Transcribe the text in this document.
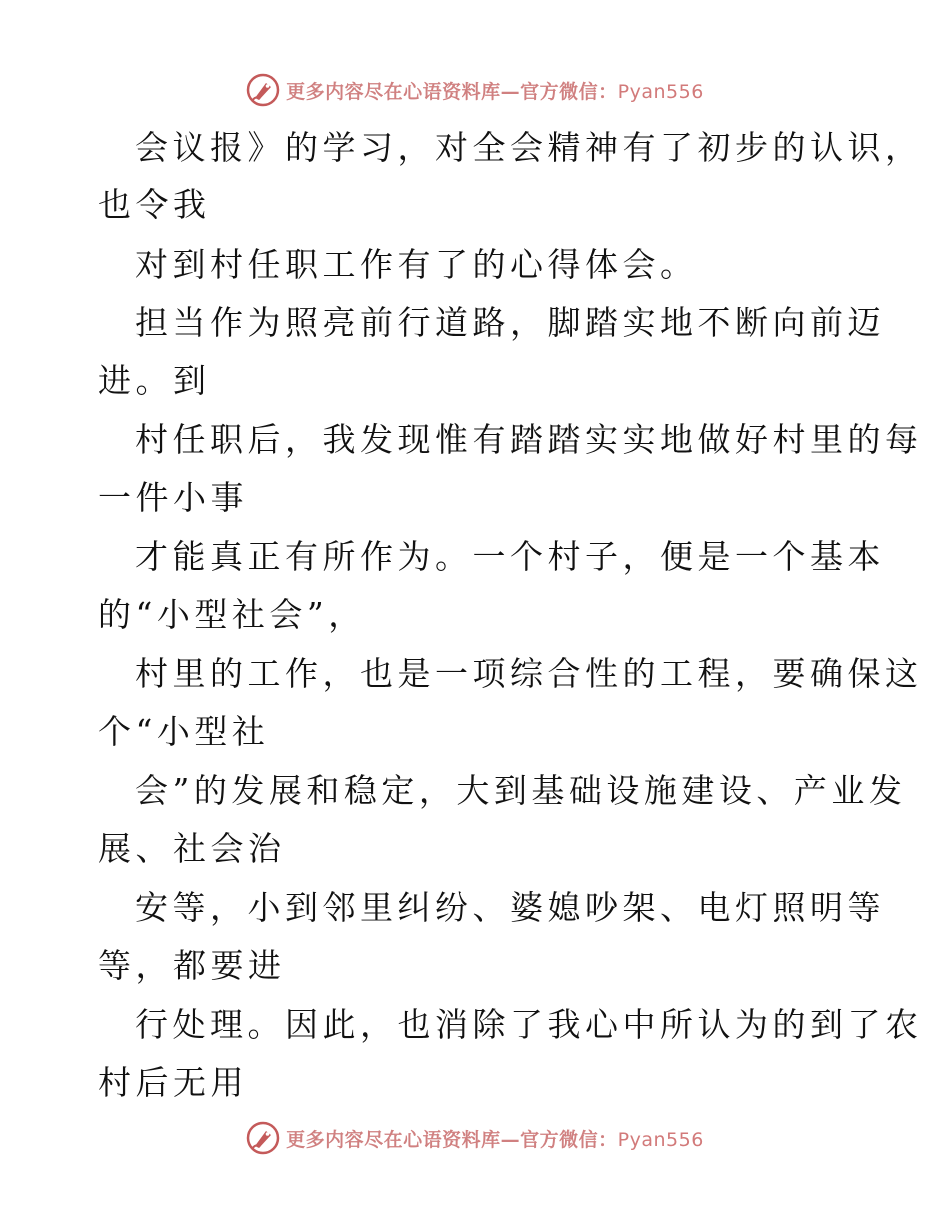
更多内容尽在心语资料库—官方微信：Pyan556
会议报》的学习，对全会精神有了初步的认识，
也令我
对到村任职工作有了的心得体会。
担当作为照亮前行道路，脚踏实地不断向前迈
进。到
村任职后，我发现惟有踏踏实实地做好村里的每
一件小事
才能真正有所作为。一个村子，便是一个基本
的“小型社会”，
村里的工作，也是一项综合性的工程，要确保这
个“小型社
会”的发展和稳定，大到基础设施建设、产业发
展、社会治
安等，小到邻里纠纷、婆媳吵架、电灯照明等
等，都要进
行处理。因此，也消除了我心中所认为的到了农
村后无用
更多内容尽在心语资料库—官方微信：Pyan556
